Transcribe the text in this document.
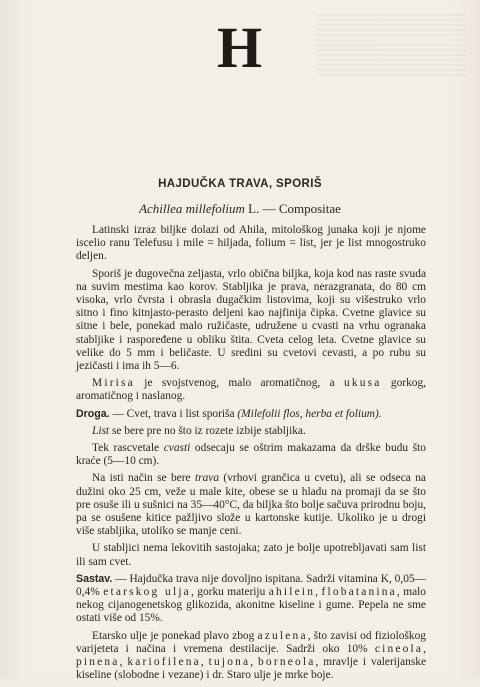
H
HAJDUČKA TRAVA, SPORIŠ
Achillea millefolium L. — Compositae

Latinski izraz biljke dolazi od Ahila, mitološkog junaka koji je njome iscelio ranu Telefusu i mile = hiljada, folium = list, jer je list mnogostruko deljen.

Sporiš je dugovečna zeljasta, vrlo obična biljka, koja kod nas raste svuda na suvim mestima kao korov. Stabljika je prava, nerazgranata, do 80 cm visoka, vrlo čvrsta i obrasla dugačkim listovima, koji su višestruko vrlo sitno i fino kitnjasto-perasto deljeni kao najfinija čipka. Cvetne glavice su sitne i bele, ponekad malo ružičaste, udružene u cvasti na vrhu ogranaka stabljike i raspoređene u obliku štita. Cveta celog leta. Cvetne glavice su velike do 5 mm i beličaste. U sredini su cvetovi cevasti, a po rubu su jezičasti i ima ih 5—6.

Mirisa je svojstvenog, malo aromatičnog, a ukusa gorkog, aromatičnog i naslanog.

Droga. — Cvet, trava i list sporiša (Milefolii flos, herba et folium).

List se bere pre no što iz rozete izbije stabljika.

Tek rascvetale cvasti odsecaju se oštrim makazama da drške budu što kraće (5—10 cm).

Na isti način se bere trava (vrhovi grančica u cvetu), ali se odseca na dužini oko 25 cm, veže u male kite, obese se u hladu na promaji da se što pre osuše ili u sušnici na 35—40°C, da biljka što bolje sačuva prirodnu boju, pa se osušene kitice pažljivo slože u kartonske kutije. Ukoliko je u drogi više stabljika, utoliko se manje ceni.

U stabljici nema lekovitih sastojaka; zato je bolje upotrebljavati sam list ili sam cvet.

Sastav. — Hajdučka trava nije dovoljno ispitana. Sadrži vitamina K, 0,05—0,4% etarskog ulja, gorku materiju ahilein, flobatanina, malo nekog cijanogenetskog glikozida, akonitne kiseline i gume. Pepela ne sme ostati više od 15%.

Etarsko ulje je ponekad plavo zbog azulena, što zavisi od fiziološkog varijeteta i načina i vremena destilacije. Sadrži oko 10% cineola, pinena, kariofilena, tujona, borneola, mravlje i valerijanske kiseline (slobodne i vezane) i dr. Staro ulje je mrke boje.
